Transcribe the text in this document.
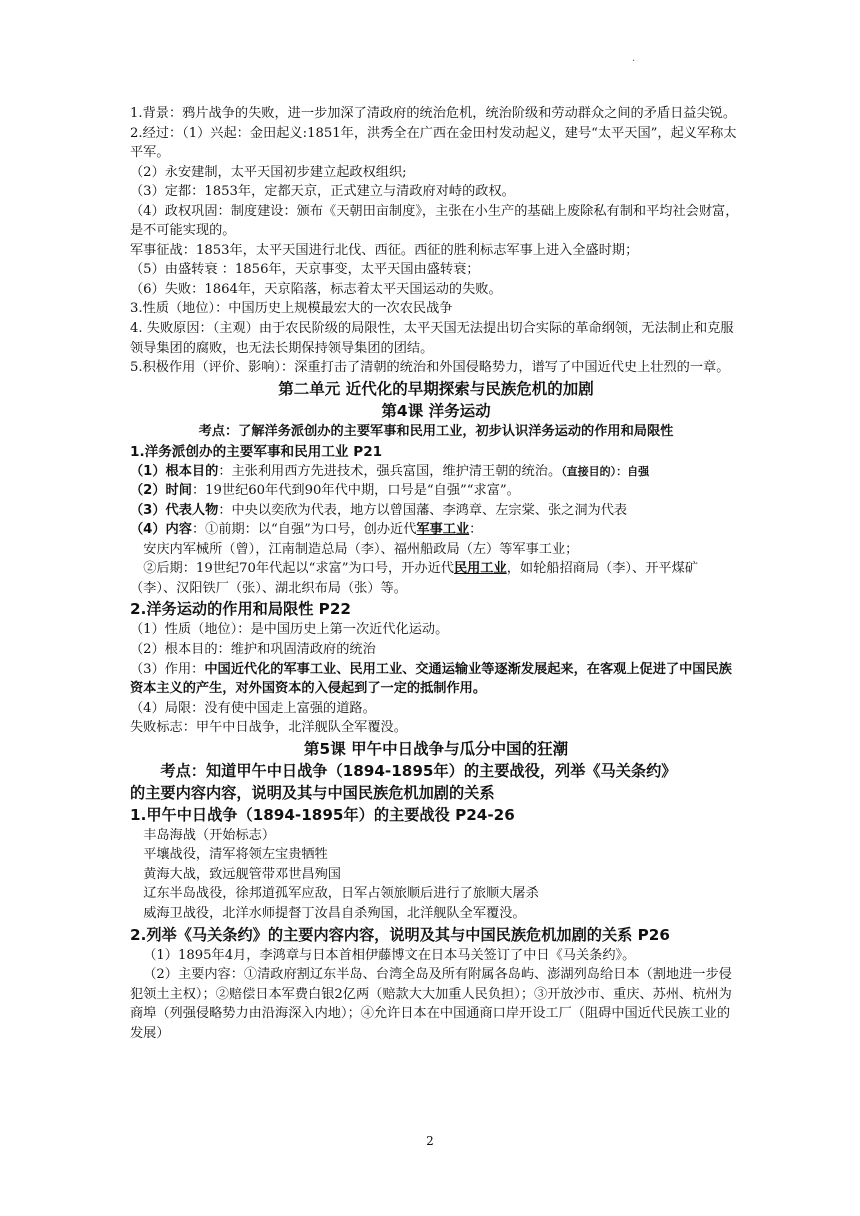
·

1.背景：鸦片战争的失败，进一步加深了清政府的统治危机，统治阶级和劳动群众之间的矛盾日益尖锐。

2.经过：（1）兴起：金田起义:1851年，洪秀全在广西在金田村发动起义，建号“太平天国”，起义军称太平军。

（2）永安建制，太平天国初步建立起政权组织;

（3）定都：1853年，定都天京，正式建立与清政府对峙的政权。

（4）政权巩固：制度建设：颁布《天朝田亩制度》，主张在小生产的基础上废除私有制和平均社会财富，是不可能实现的。

军事征战：1853年，太平天国进行北伐、西征。西征的胜利标志军事上进入全盛时期；

（5）由盛转衰 ：1856年，天京事变，太平天国由盛转衰；

（6）失败：1864年，天京陷落，标志着太平天国运动的失败。

3.性质（地位）：中国历史上规模最宏大的一次农民战争

4. 失败原因：（主观）由于农民阶级的局限性，太平天国无法提出切合实际的革命纲领，无法制止和克服领导集团的腐败，也无法长期保持领导集团的团结。

5.积极作用（评价、影响）：深重打击了清朝的统治和外国侵略势力，谱写了中国近代史上壮烈的一章。

第二单元 近代化的早期探索与民族危机的加剧

第4课 洋务运动

考点：了解洋务派创办的主要军事和民用工业，初步认识洋务运动的作用和局限性

1.洋务派创办的主要军事和民用工业 P21

（1）根本目的：主张利用西方先进技术，强兵富国，维护清王朝的统治。（直接目的）：自强

（2）时间：19世纪60年代到90年代中期，口号是“自强”“求富”。

（3）代表人物：中央以奕欣为代表，地方以曾国藩、李鸿章、左宗棠、张之洞为代表

（4）内容：①前期：以“自强”为口号，创办近代军事工业：

安庆内军械所（曾），江南制造总局（李）、福州船政局（左）等军事工业；

②后期：19世纪70年代起以“求富”为口号，开办近代民用工业，如轮船招商局（李）、开平煤矿（李）、汉阳铁厂（张）、湖北织布局（张）等。

2.洋务运动的作用和局限性 P22

（1）性质（地位）：是中国历史上第一次近代化运动。

（2）根本目的：维护和巩固清政府的统治

（3）作用：中国近代化的军事工业、民用工业、交通运输业等逐渐发展起来，在客观上促进了中国民族资本主义的产生，对外国资本的入侵起到了一定的抵制作用。

（4）局限：没有使中国走上富强的道路。

失败标志：甲午中日战争，北洋舰队全军覆没。

第5课 甲午中日战争与瓜分中国的狂潮

考点：知道甲午中日战争（1894-1895年）的主要战役，列举《马关条约》

的主要内容内容，说明及其与中国民族危机加剧的关系

1.甲午中日战争（1894-1895年）的主要战役 P24-26

丰岛海战（开始标志）

平壤战役，清军将领左宝贵牺牲

黄海大战，致远舰管带邓世昌殉国

辽东半岛战役，徐邦道孤军应敌，日军占领旅顺后进行了旅顺大屠杀

威海卫战役，北洋水师提督丁汝昌自杀殉国，北洋舰队全军覆没。

2.列举《马关条约》的主要内容内容，说明及其与中国民族危机加剧的关系 P26

（1）1895年4月，李鸿章与日本首相伊藤博文在日本马关签订了中日《马关条约》。

（2）主要内容：①清政府割辽东半岛、台湾全岛及所有附属各岛屿、澎湖列岛给日本（割地进一步侵犯领土主权）；②赔偿日本军费白银2亿两（赔款大大加重人民负担）；③开放沙市、重庆、苏州、杭州为商埠（列强侵略势力由沿海深入内地）；④允许日本在中国通商口岸开设工厂（阻碍中国近代民族工业的发展）

2
